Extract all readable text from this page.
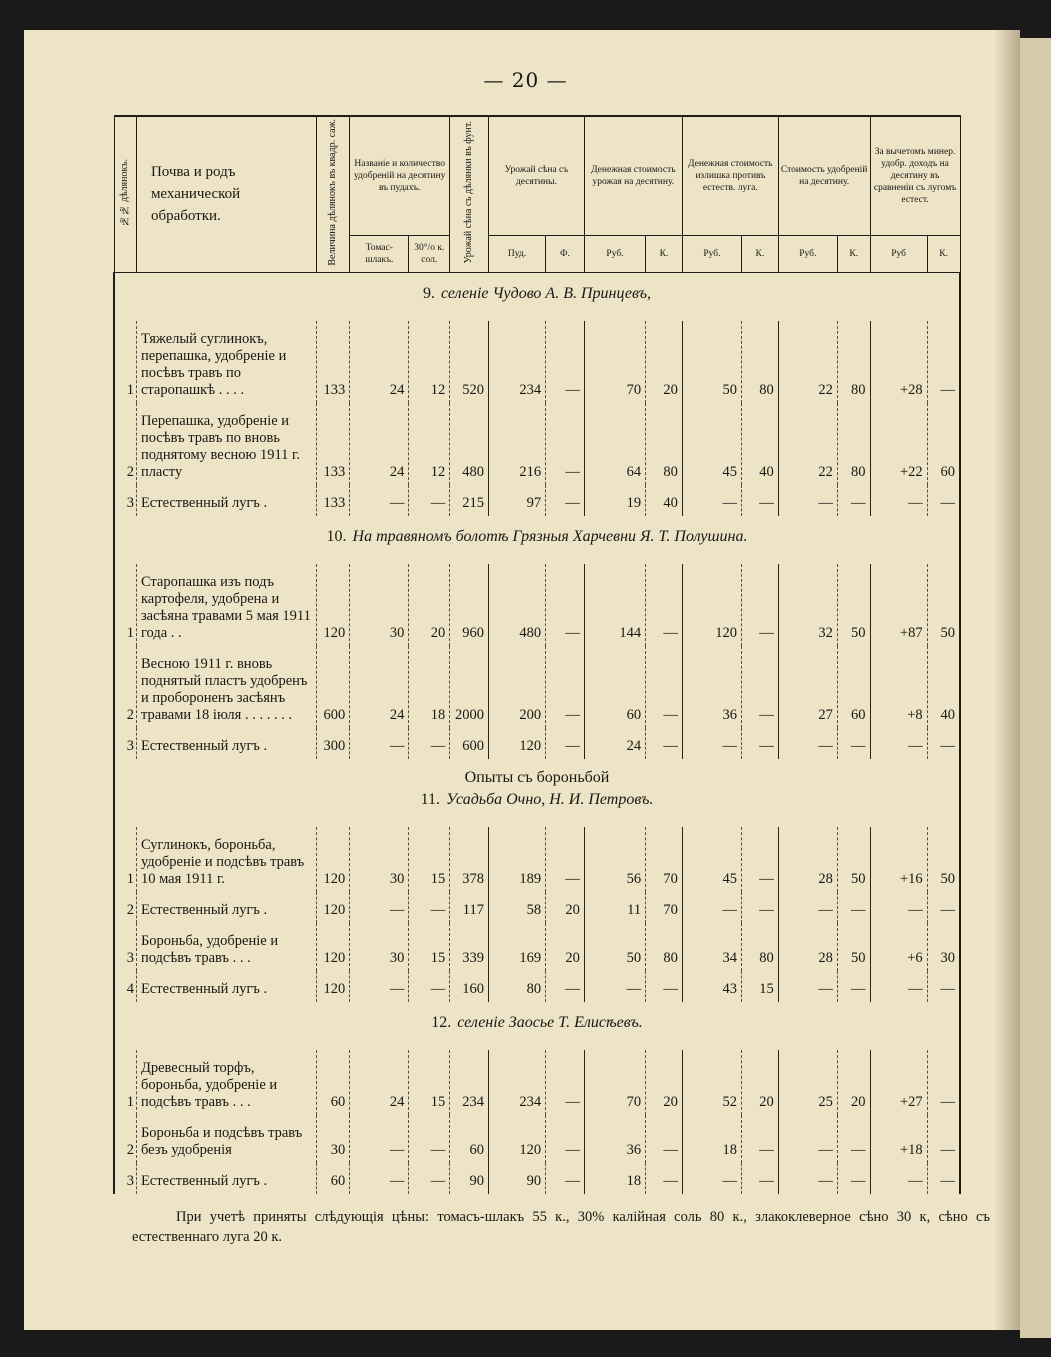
— 20 —
№№ дѣлянокъ.	Почва и родъ механической обработки.	Величина дѣлянокъ въ квадр. саж.	Названіе и количество удобреній на десятину въ пудахъ.		Урожай сѣна съ дѣлянки въ фунт.	Урожай сѣна съ десятины.		Денежная стоимость урожая на десятину.		Денежная стоимость излишка противъ естеств. луга.		Стоимость удобреній на десятину.		За вычетомъ минер. удобр. доходъ на десятину въ сравненіи съ лугомъ естест.	
			Томас-шлакъ.	30°/o к. сол.		Пуд.	Ф.	Руб.	К.	Руб.	К.	Руб.	К.	Руб	К.
9. селеніе Чудово А. В. Принцевъ,															
1	Тяжелый суглинокъ, перепашка, удобреніе и посѣвъ травъ по старопашкѣ . . . .	133	24	12	520	234	—	70	20	50	80	22	80	+28	—
2	Перепашка, удобреніе и посѣвъ травъ по вновь поднятому весною 1911 г. пласту	133	24	12	480	216	—	64	80	45	40	22	80	+22	60
3	Естественный лугъ .	133	—	—	215	97	—	19	40	—	—	—	—	—	—
10. На травяномъ болотѣ Грязныя Харчевни Я. Т. Полушина.															
1	Старопашка изъ подъ картофеля, удобрена и засѣяна травами 5 мая 1911 года . .	120	30	20	960	480	—	144	—	120	—	32	50	+87	50
2	Весною 1911 г. вновь поднятый пластъ удобренъ и пробороненъ засѣянъ травами 18 іюля . . . . . . .	600	24	18	2000	200	—	60	—	36	—	27	60	+8	40
3	Естественный лугъ .	300	—	—	600	120	—	24	—	—	—	—	—	—	—
Опыты съ бороньбой															
11. Усадьба Очно, Н. И. Петровъ.															
1	Суглинокъ, бороньба, удобреніе и подсѣвъ травъ 10 мая 1911 г.	120	30	15	378	189	—	56	70	45	—	28	50	+16	50
2	Естественный лугъ .	120	—	—	117	58	20	11	70	—	—	—	—	—	—
3	Бороньба, удобреніе и подсѣвъ травъ . . .	120	30	15	339	169	20	50	80	34	80	28	50	+6	30
4	Естественный лугъ .	120	—	—	160	80	—	—	—	43	15	—	—	—	—
12. селеніе Заосье Т. Елисѣевъ.															
1	Древесный торфъ, бороньба, удобреніе и подсѣвъ травъ . . .	60	24	15	234	234	—	70	20	52	20	25	20	+27	—
2	Бороньба и подсѣвъ травъ безъ удобренія	30	—	—	60	120	—	36	—	18	—	—	—	+18	—
3	Естественный лугъ .	60	—	—	90	90	—	18	—	—	—	—	—	—	—
При учетѣ приняты слѣдующія цѣны: томасъ-шлакъ 55 к., 30% калійная соль 80 к., злакоклеверное сѣно 30 к, сѣно съ естественнаго луга 20 к.
